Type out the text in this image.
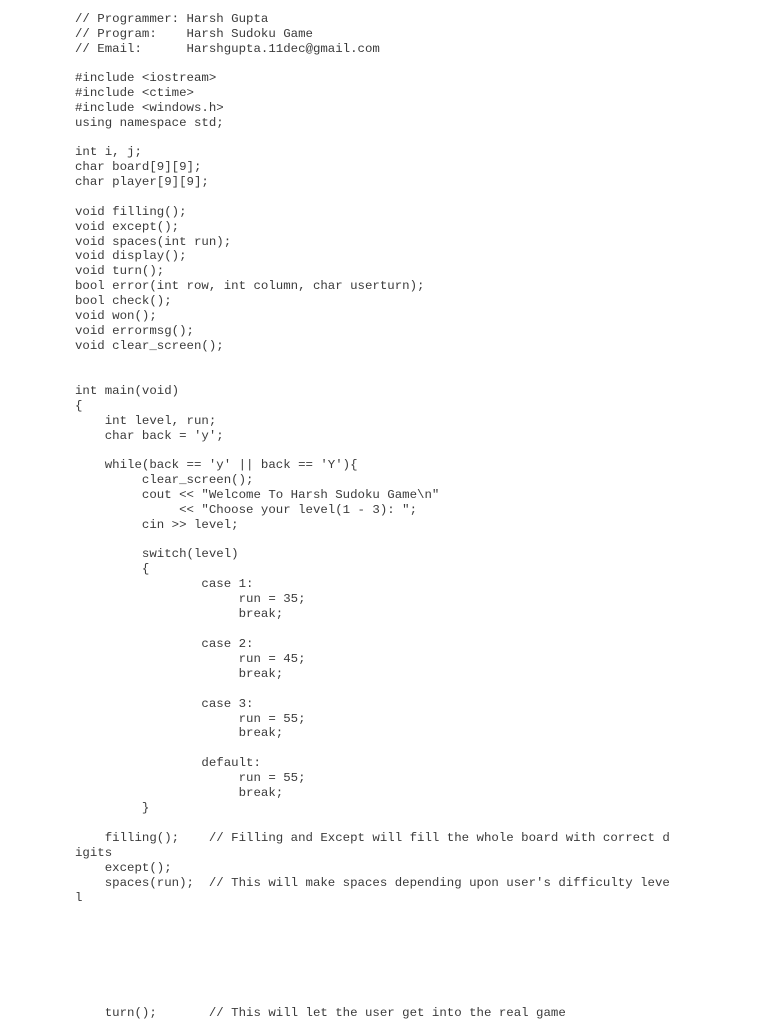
// Programmer: Harsh Gupta
// Program:    Harsh Sudoku Game
// Email:      Harshgupta.11dec@gmail.com
#include <iostream>
#include <ctime>
#include <windows.h>
using namespace std;
int i, j;
char board[9][9];
char player[9][9];
void filling();
void except();
void spaces(int run);
void display();
void turn();
bool error(int row, int column, char userturn);
bool check();
void won();
void errormsg();
void clear_screen();
int main(void)
{
int level, run;
char back = 'y';
while(back == 'y' || back == 'Y'){
clear_screen();
cout << "Welcome To Harsh Sudoku Game\n"
<< "Choose your level(1 - 3): ";
cin >> level;
switch(level)
{
case 1:
run = 35;
break;
case 2:
run = 45;
break;
case 3:
run = 55;
break;
default:
run = 55;
break;
}
filling();    // Filling and Except will fill the whole board with correct d
igits
except();
spaces(run);  // This will make spaces depending upon user's difficulty leve
l
turn();       // This will let the user get into the real game
